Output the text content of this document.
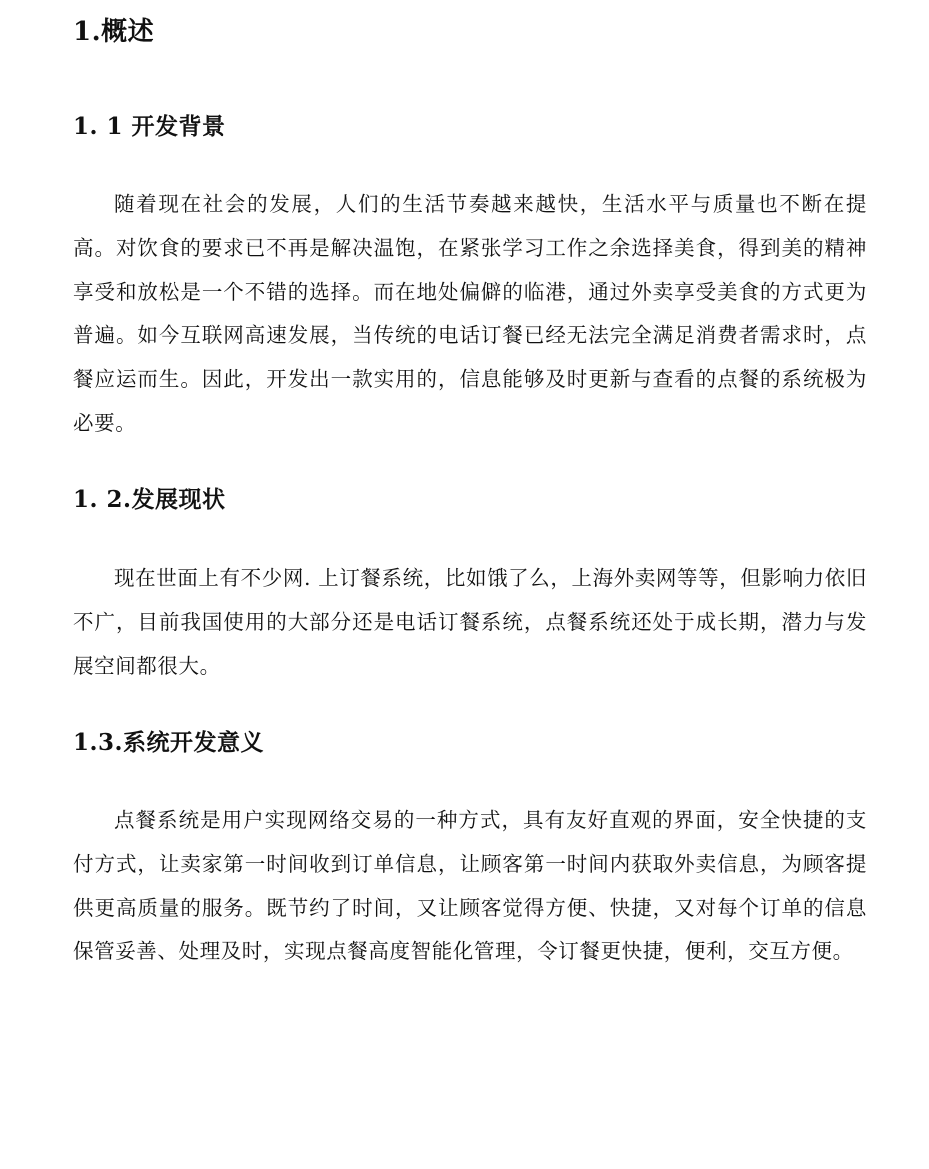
1.概述
1. 1 开发背景

随着现在社会的发展，人们的生活节奏越来越快，生活水平与质量也不断在提高。对饮食的要求已不再是解决温饱，在紧张学习工作之余选择美食，得到美的精神享受和放松是一个不错的选择。而在地处偏僻的临港，通过外卖享受美食的方式更为普遍。如今互联网高速发展，当传统的电话订餐已经无法完全满足消费者需求时，点餐应运而生。因此，开发出一款实用的，信息能够及时更新与查看的点餐的系统极为必要。

1. 2.发展现状

现在世面上有不少网. 上订餐系统，比如饿了么，上海外卖网等等，但影响力依旧不广，目前我国使用的大部分还是电话订餐系统，点餐系统还处于成长期，潜力与发展空间都很大。

1.3.系统开发意义

点餐系统是用户实现网络交易的一种方式，具有友好直观的界面，安全快捷的支付方式，让卖家第一时间收到订单信息，让顾客第一时间内获取外卖信息，为顾客提供更高质量的服务。既节约了时间，又让顾客觉得方便、快捷，又对每个订单的信息保管妥善、处理及时，实现点餐高度智能化管理，令订餐更快捷，便利，交互方便。
